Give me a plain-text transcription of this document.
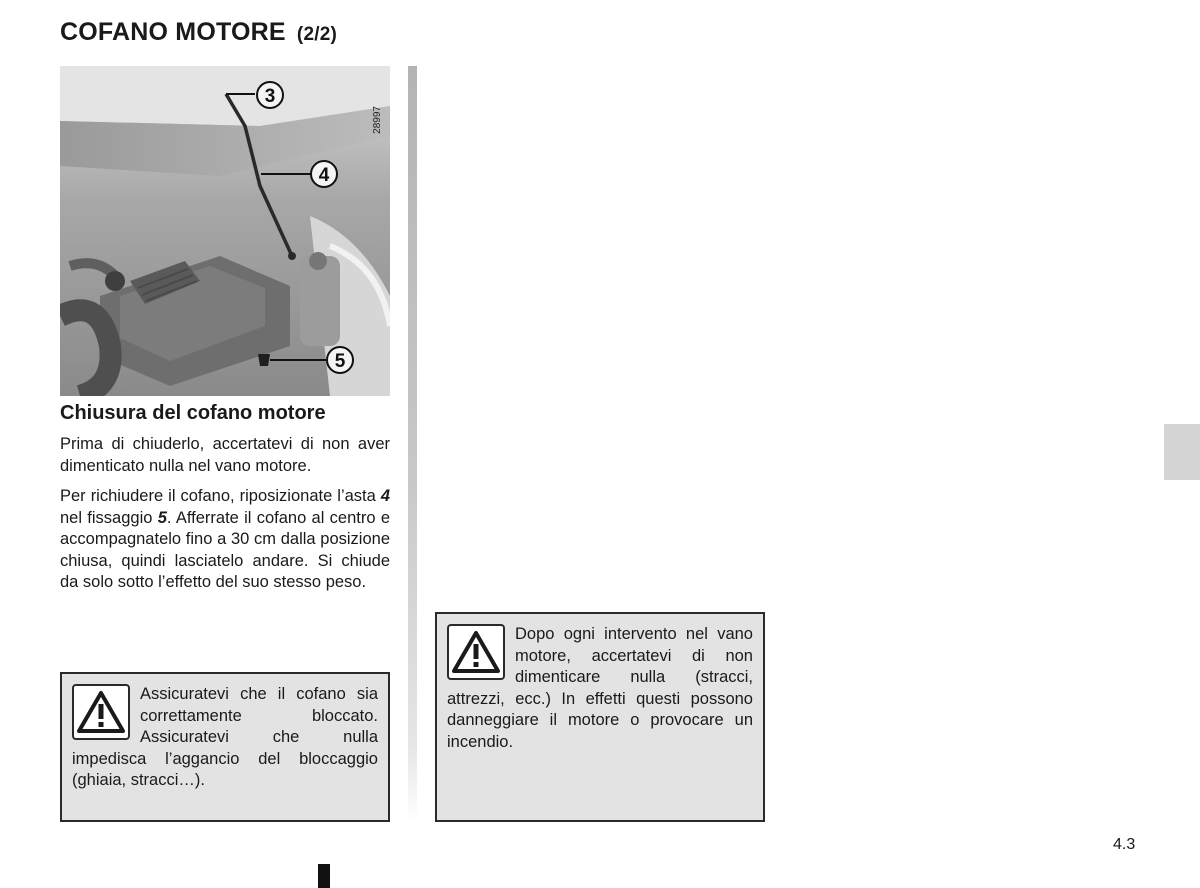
COFANO MOTORE (2/2)
3
4
5
28997
Chiusura del cofano motore

Prima di chiuderlo, accertatevi di non aver dimenticato nulla nel vano motore.

Per richiudere il cofano, riposizionate l’asta 4 nel fissaggio 5. Afferrate il cofano al centro e accompagnatelo fino a 30 cm dalla posizione chiusa, quindi lasciatelo andare. Si chiude da solo sotto l’effetto del suo stesso peso.

Assicuratevi che il cofano sia correttamente bloccato. Assicuratevi che nulla impedisca l’aggancio del bloccaggio (ghiaia, stracci…).
Dopo ogni intervento nel vano motore, accertatevi di non dimenticare nulla (stracci, attrezzi, ecc.) In effetti questi possono danneggiare il motore o provocare un incendio.
4.3
